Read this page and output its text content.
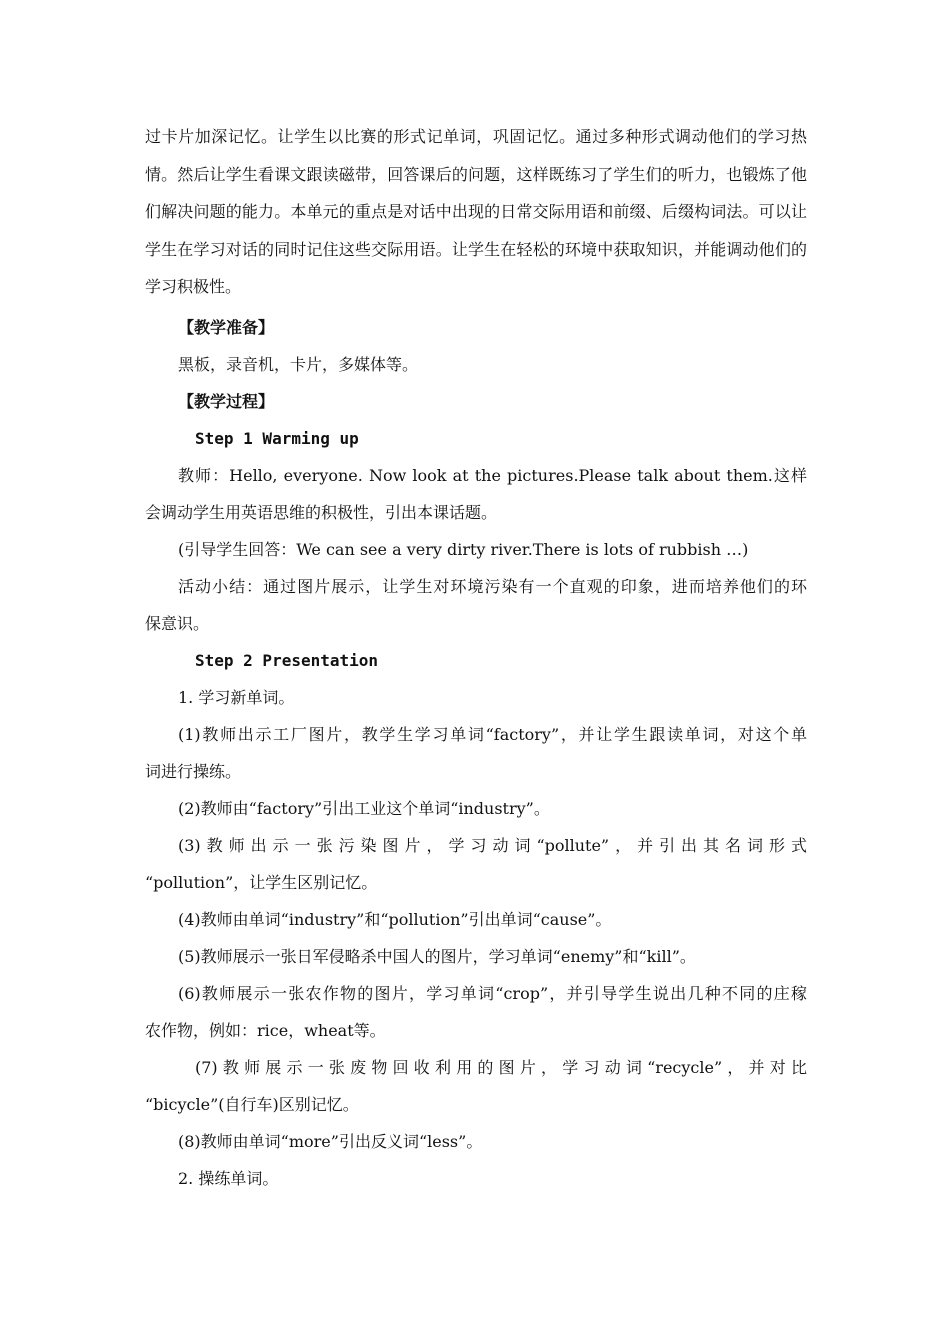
过卡片加深记忆。让学生以比赛的形式记单词，巩固记忆。通过多种形式调动他们的学习热情。然后让学生看课文跟读磁带，回答课后的问题，这样既练习了学生们的听力，也锻炼了他们解决问题的能力。本单元的重点是对话中出现的日常交际用语和前缀、后缀构词法。可以让学生在学习对话的同时记住这些交际用语。让学生在轻松的环境中获取知识，并能调动他们的学习积极性。

【教学准备】

黑板，录音机，卡片，多媒体等。

【教学过程】

Step 1 Warming up

教师：Hello, everyone. Now look at the pictures.Please talk about them.这样

会调动学生用英语思维的积极性，引出本课话题。

(引导学生回答：We can see a very dirty river.There is lots of rubbish …)

活动小结：通过图片展示，让学生对环境污染有一个直观的印象，进而培养他们的环

保意识。

Step 2 Presentation

1. 学习新单词。

(1)教师出示工厂图片，教学生学习单词“factory”，并让学生跟读单词，对这个单

词进行操练。

(2)教师由“factory”引出工业这个单词“industry”。

(3)教师出示一张污染图片，学习动词“pollute”，并引出其名词形式

“pollution”，让学生区别记忆。

(4)教师由单词“industry”和“pollution”引出单词“cause”。

(5)教师展示一张日军侵略杀中国人的图片，学习单词“enemy”和“kill”。

(6)教师展示一张农作物的图片，学习单词“crop”，并引导学生说出几种不同的庄稼

农作物，例如：rice，wheat等。

(7)教师展示一张废物回收利用的图片，学习动词“recycle”，并对比

“bicycle”(自行车)区别记忆。

(8)教师由单词“more”引出反义词“less”。

2. 操练单词。
